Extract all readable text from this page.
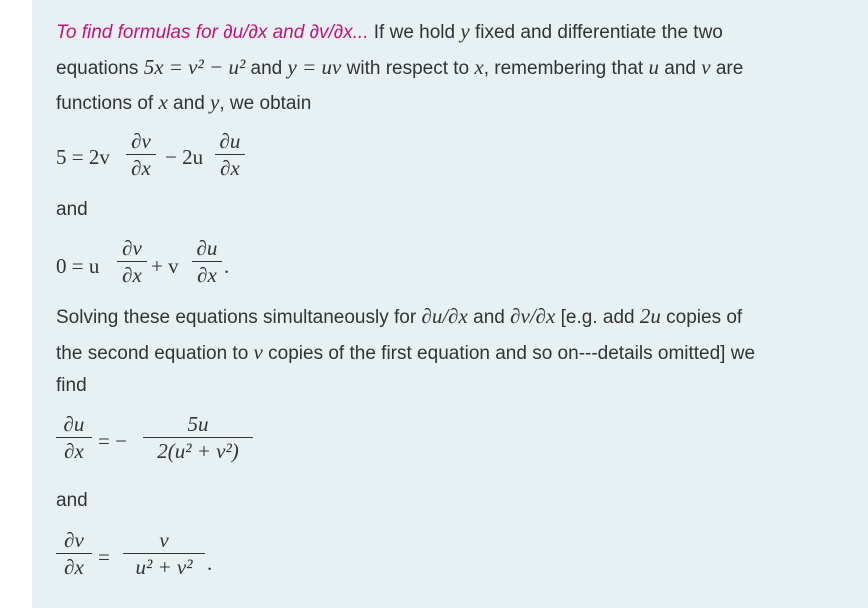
To find formulas for ∂u/∂x and ∂v/∂x... If we hold y fixed and differentiate the two
equations 5x = v² − u² and y = uv with respect to x, remembering that u and v are
functions of x and y, we obtain
5 = 2v
∂v
∂x − 2u
∂u
∂x
and
0 = u
∂v
∂x + v
∂u
∂x .
Solving these equations simultaneously for ∂u/∂x and ∂v/∂x [e.g. add 2u copies of
the second equation to v copies of the first equation and so on---details omitted] we
find
∂u
∂x = −
5u
2(u² + v²)
and
∂v
∂x =
v
u² + v² .
